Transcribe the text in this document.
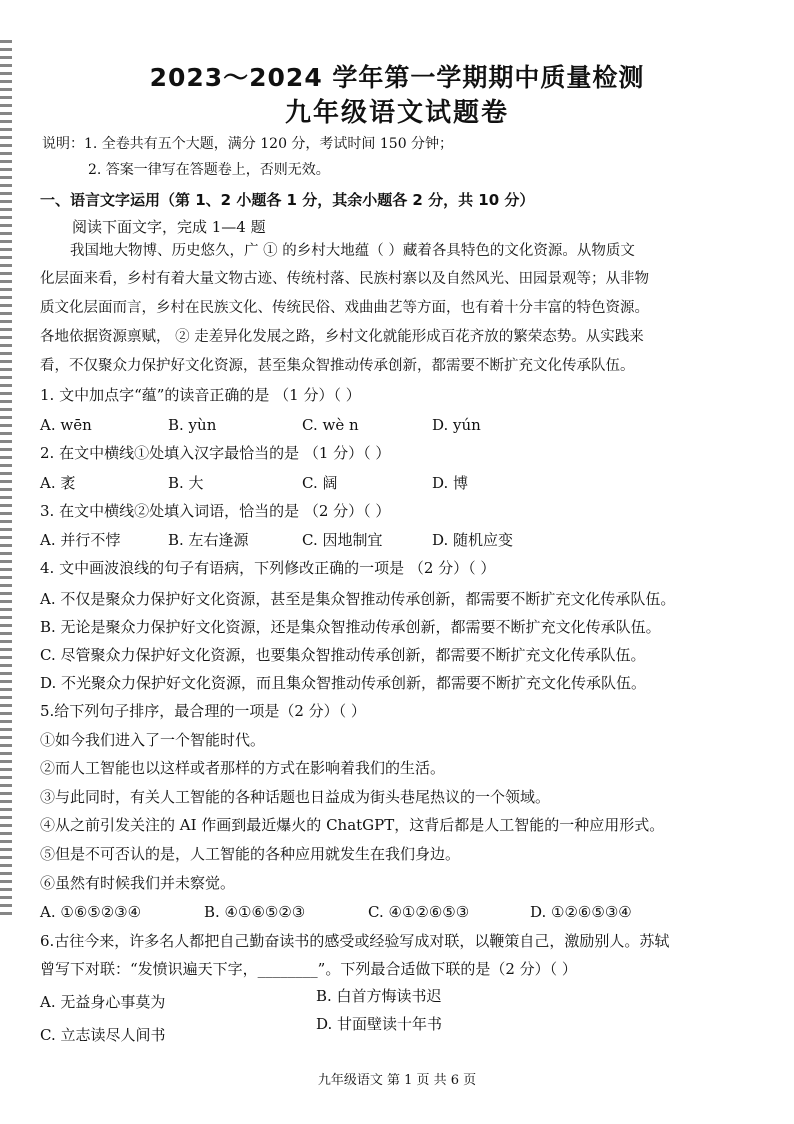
2023～2024 学年第一学期期中质量检测
九年级语文试题卷
说明：1. 全卷共有五个大题，满分 120 分，考试时间 150 分钟；
2. 答案一律写在答题卷上，否则无效。
一、语言文字运用（第 1、2 小题各 1 分，其余小题各 2 分，共 10 分）
阅读下面文字，完成 1—4 题
我国地大物博、历史悠久，广 ① 的乡村大地蕴（ ）藏着各具特色的文化资源。从物质文
化层面来看，乡村有着大量文物古迹、传统村落、民族村寨以及自然风光、田园景观等；从非物
质文化层面而言，乡村在民族文化、传统民俗、戏曲曲艺等方面，也有着十分丰富的特色资源。
各地依据资源禀赋， ② 走差异化发展之路，乡村文化就能形成百花齐放的繁荣态势。从实践来
看，不仅聚众力保护好文化资源，甚至集众智推动传承创新，都需要不断扩充文化传承队伍。
1. 文中加点字“蕴”的读音正确的是 （1 分）（ ）
A. wēn	B. yùn	C. wè n	D. yún
2. 在文中横线①处填入汉字最恰当的是 （1 分）（ ）
A. 袤	B. 大	C. 阔	D. 博
3. 在文中横线②处填入词语，恰当的是 （2 分）（ ）
A. 并行不悖	B. 左右逢源	C. 因地制宜	D. 随机应变
4. 文中画波浪线的句子有语病，下列修改正确的一项是 （2 分）（ ）
A. 不仅是聚众力保护好文化资源，甚至是集众智推动传承创新，都需要不断扩充文化传承队伍。
B. 无论是聚众力保护好文化资源，还是集众智推动传承创新，都需要不断扩充文化传承队伍。
C. 尽管聚众力保护好文化资源，也要集众智推动传承创新，都需要不断扩充文化传承队伍。
D. 不光聚众力保护好文化资源，而且集众智推动传承创新，都需要不断扩充文化传承队伍。
5.给下列句子排序，最合理的一项是（2 分）（ ）
①如今我们进入了一个智能时代。
②而人工智能也以这样或者那样的方式在影响着我们的生活。
③与此同时，有关人工智能的各种话题也日益成为街头巷尾热议的一个领域。
④从之前引发关注的 AI 作画到最近爆火的 ChatGPT，这背后都是人工智能的一种应用形式。
⑤但是不可否认的是，人工智能的各种应用就发生在我们身边。
⑥虽然有时候我们并未察觉。
A. ①⑥⑤②③④	B. ④①⑥⑤②③	C. ④①②⑥⑤③	D. ①②⑥⑤③④
6.古往今来，许多名人都把自己勤奋读书的感受或经验写成对联，以鞭策自己，激励别人。苏轼
曾写下对联：“发愤识遍天下字，________”。下列最合适做下联的是（2 分）（ ）
A. 无益身心事莫为	B. 白首方悔读书迟
C. 立志读尽人间书
D. 甘面壁读十年书
九年级语文 第 1 页 共 6 页
